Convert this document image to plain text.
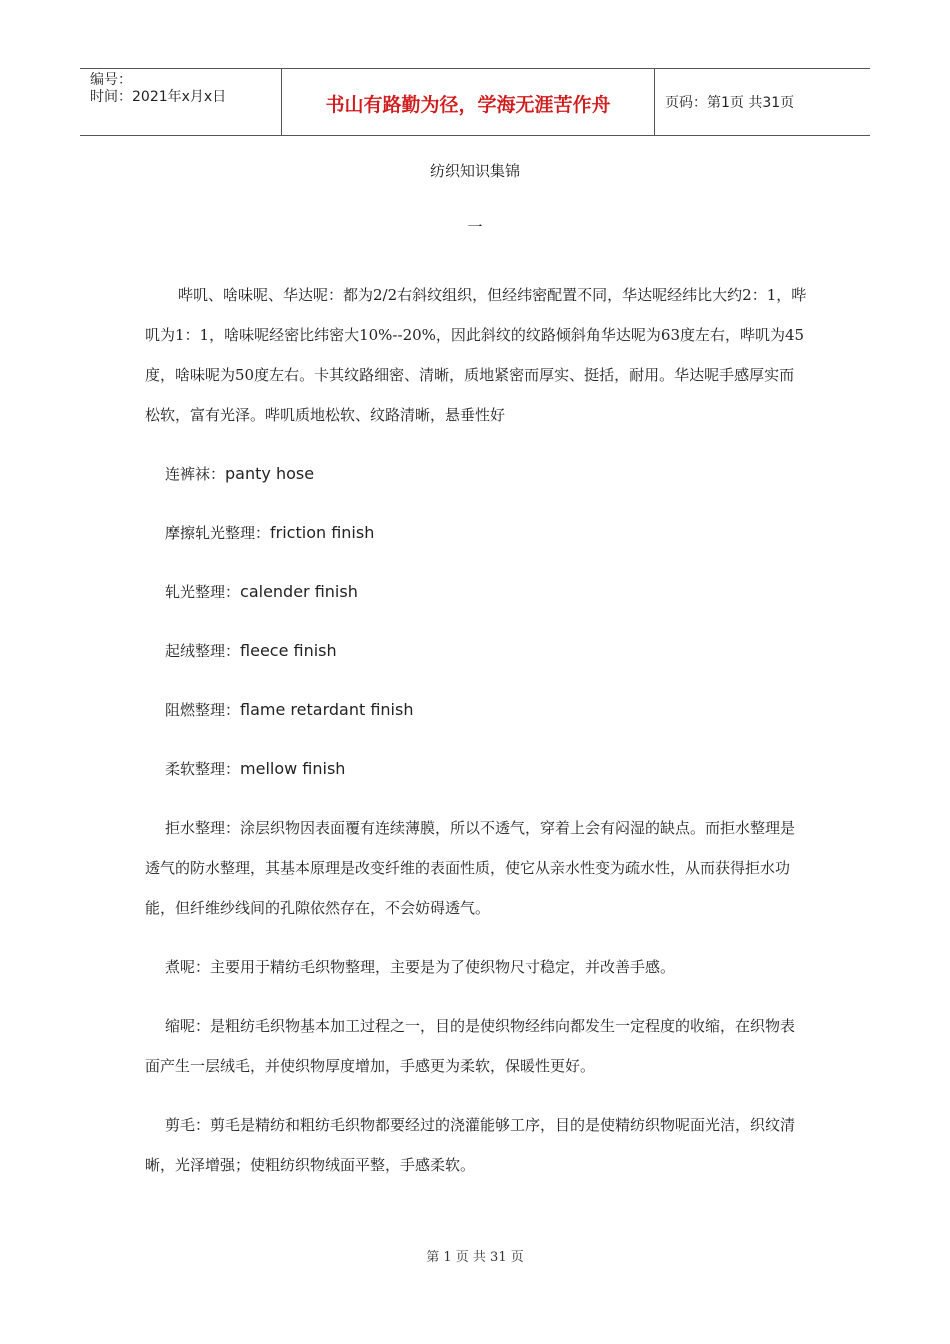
编号：
时间：2021年x月x日	书山有路勤为径，学海无涯苦作舟	页码：第1页 共31页
纺织知识集锦
一

哔叽、啥味呢、华达呢：都为2/2右斜纹组织，但经纬密配置不同，华达呢经纬比大约2：1，哔叽为1：1，啥味呢经密比纬密大10%--20%，因此斜纹的纹路倾斜角华达呢为63度左右，哔叽为45度，啥味呢为50度左右。卡其纹路细密、清晰，质地紧密而厚实、挺括，耐用。华达呢手感厚实而松软，富有光泽。哔叽质地松软、纹路清晰，悬垂性好

连裤袜：panty hose

摩擦轧光整理：friction finish

轧光整理：calender finish

起绒整理：fleece finish

阻燃整理：flame retardant finish

柔软整理：mellow finish

拒水整理：涂层织物因表面覆有连续薄膜，所以不透气，穿着上会有闷湿的缺点。而拒水整理是透气的防水整理，其基本原理是改变纤维的表面性质，使它从亲水性变为疏水性，从而获得拒水功能，但纤维纱线间的孔隙依然存在，不会妨碍透气。

煮呢：主要用于精纺毛织物整理，主要是为了使织物尺寸稳定，并改善手感。

缩呢：是粗纺毛织物基本加工过程之一，目的是使织物经纬向都发生一定程度的收缩，在织物表面产生一层绒毛，并使织物厚度增加，手感更为柔软，保暖性更好。

剪毛：剪毛是精纺和粗纺毛织物都要经过的浇灌能够工序，目的是使精纺织物呢面光洁，织纹清晰，光泽增强；使粗纺织物绒面平整，手感柔软。

第 1 页 共 31 页
